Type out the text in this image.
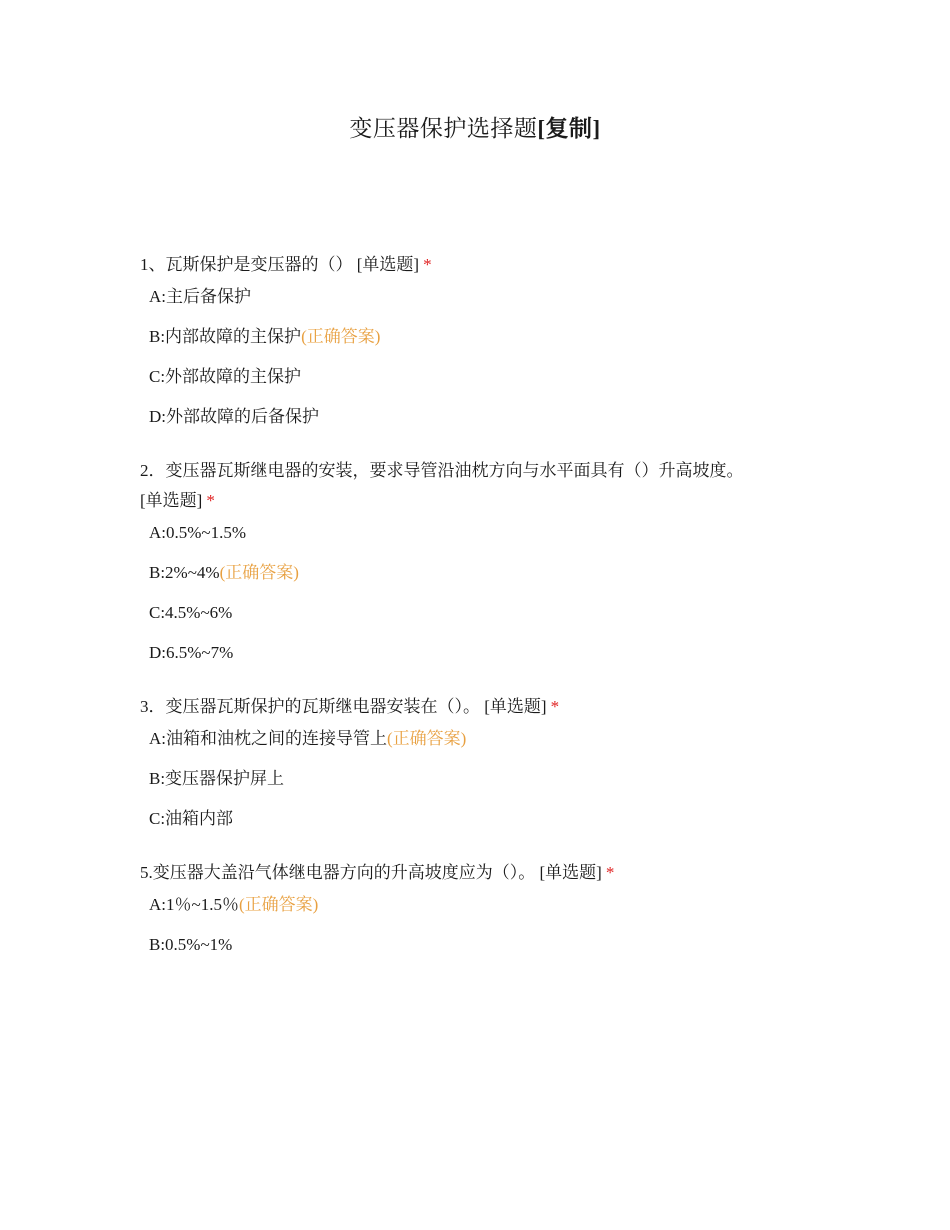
变压器保护选择题[复制]
1、瓦斯保护是变压器的（） [单选题] *
A:主后备保护
B:内部故障的主保护(正确答案)
C:外部故障的主保护
D:外部故障的后备保护
2．变压器瓦斯继电器的安装，要求导管沿油枕方向与水平面具有（）升高坡度。
[单选题] *
A:0.5%~1.5%
B:2%~4%(正确答案)
C:4.5%~6%
D:6.5%~7%
3．变压器瓦斯保护的瓦斯继电器安装在（）。 [单选题] *
A:油箱和油枕之间的连接导管上(正确答案)
B:变压器保护屏上
C:油箱内部
5.变压器大盖沿气体继电器方向的升高坡度应为（）。 [单选题] *
A:1％~1.5％(正确答案)
B:0.5%~1%
